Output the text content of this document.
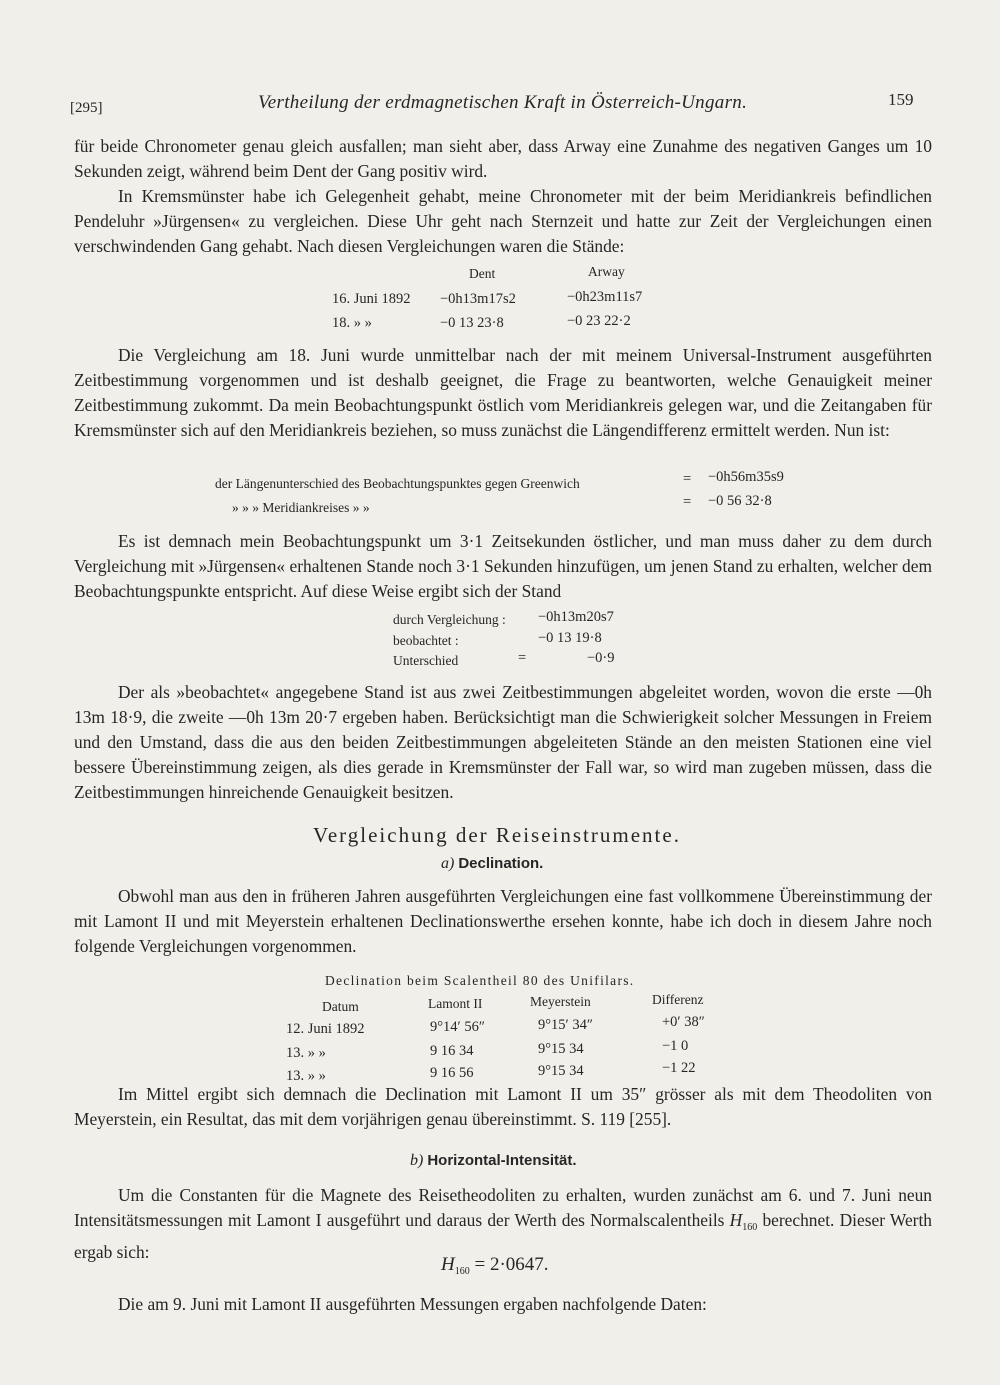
[295]	Vertheilung der erdmagnetischen Kraft in Österreich-Ungarn.	159

für beide Chronometer genau gleich ausfallen; man sieht aber, dass Arway eine Zunahme des negativen Ganges um 10 Sekunden zeigt, während beim Dent der Gang positiv wird.

In Kremsmünster habe ich Gelegenheit gehabt, meine Chronometer mit der beim Meridiankreis befindlichen Pendeluhr »Jürgensen« zu vergleichen. Diese Uhr geht nach Sternzeit und hatte zur Zeit der Vergleichungen einen verschwindenden Gang gehabt. Nach diesen Vergleichungen waren die Stände:

Dent	Arway
16. Juni 1892 −0h13m17s2	−0h23m11s7
18. » »	−0 13 23·8	−0 23 22·2

Die Vergleichung am 18. Juni wurde unmittelbar nach der mit meinem Universal-Instrument ausgeführten Zeitbestimmung vorgenommen und ist deshalb geeignet, die Frage zu beantworten, welche Genauigkeit meiner Zeitbestimmung zukommt. Da mein Beobachtungspunkt östlich vom Meridiankreis gelegen war, und die Zeitangaben für Kremsmünster sich auf den Meridiankreis beziehen, so muss zunächst die Längendifferenz ermittelt werden. Nun ist:

der Längenunterschied des Beobachtungspunktes gegen Greenwich	= −0h56m35s9
» » » Meridiankreises » »	= −0 56 32·8

Es ist demnach mein Beobachtungspunkt um 3·1 Zeitsekunden östlicher, und man muss daher zu dem durch Vergleichung mit »Jürgensen« erhaltenen Stande noch 3·1 Sekunden hinzufügen, um jenen Stand zu erhalten, welcher dem Beobachtungspunkte entspricht. Auf diese Weise ergibt sich der Stand

durch Vergleichung : −0h13m20s7
beobachtet :	−0 13 19·8
Unterschied	=	−0·9

Der als »beobachtet« angegebene Stand ist aus zwei Zeitbestimmungen abgeleitet worden, wovon die erste —0h 13m 18·9, die zweite —0h 13m 20·7 ergeben haben. Berücksichtigt man die Schwierigkeit solcher Messungen in Freiem und den Umstand, dass die aus den beiden Zeitbestimmungen abgeleiteten Stände an den meisten Stationen eine viel bessere Übereinstimmung zeigen, als dies gerade in Kremsmünster der Fall war, so wird man zugeben müssen, dass die Zeitbestimmungen hinreichende Genauigkeit besitzen.

Vergleichung der Reiseinstrumente.
a) Declination.

Obwohl man aus den in früheren Jahren ausgeführten Vergleichungen eine fast vollkommene Übereinstimmung der mit Lamont II und mit Meyerstein erhaltenen Declinationswerthe ersehen konnte, habe ich doch in diesem Jahre noch folgende Vergleichungen vorgenommen.

Declination beim Scalentheil 80 des Unifilars.
Datum	Lamont II	Meyerstein	Differenz
12. Juni 1892	9°14′ 56″	9°15′ 34″	+0′ 38″
13. » »	9 16 34	9°15 34	−1 0
13. » »	9 16 56	9°15 34	−1 22

Im Mittel ergibt sich demnach die Declination mit Lamont II um 35″ grösser als mit dem Theodoliten von Meyerstein, ein Resultat, das mit dem vorjährigen genau übereinstimmt. S. 119 [255].

b) Horizontal-Intensität.

Um die Constanten für die Magnete des Reisetheodoliten zu erhalten, wurden zunächst am 6. und 7. Juni neun Intensitätsmessungen mit Lamont I ausgeführt und daraus der Werth des Normalscalentheils $H_{160}$ berechnet. Dieser Werth ergab sich:

$H_{160} = 2\cdot 0647$.

Die am 9. Juni mit Lamont II ausgeführten Messungen ergaben nachfolgende Daten:
